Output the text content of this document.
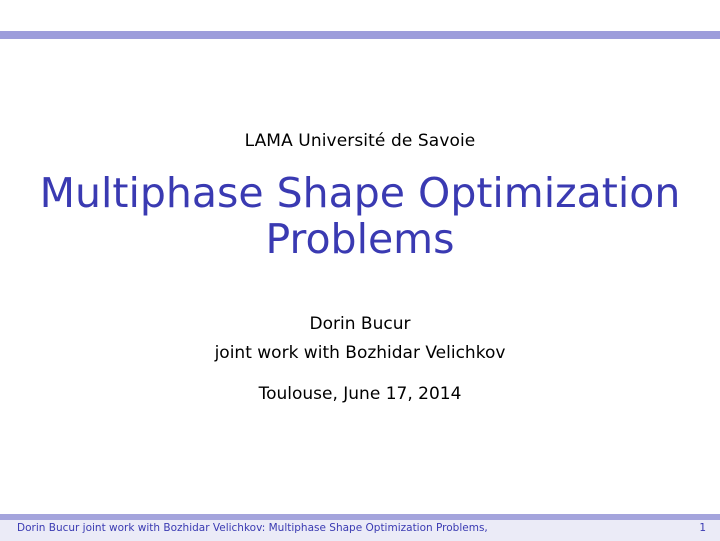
LAMA Université de Savoie
Multiphase Shape Optimization
Problems
Dorin Bucur
joint work with Bozhidar Velichkov
Toulouse, June 17, 2014
Dorin Bucur joint work with Bozhidar Velichkov: Multiphase Shape Optimization Problems,	1
